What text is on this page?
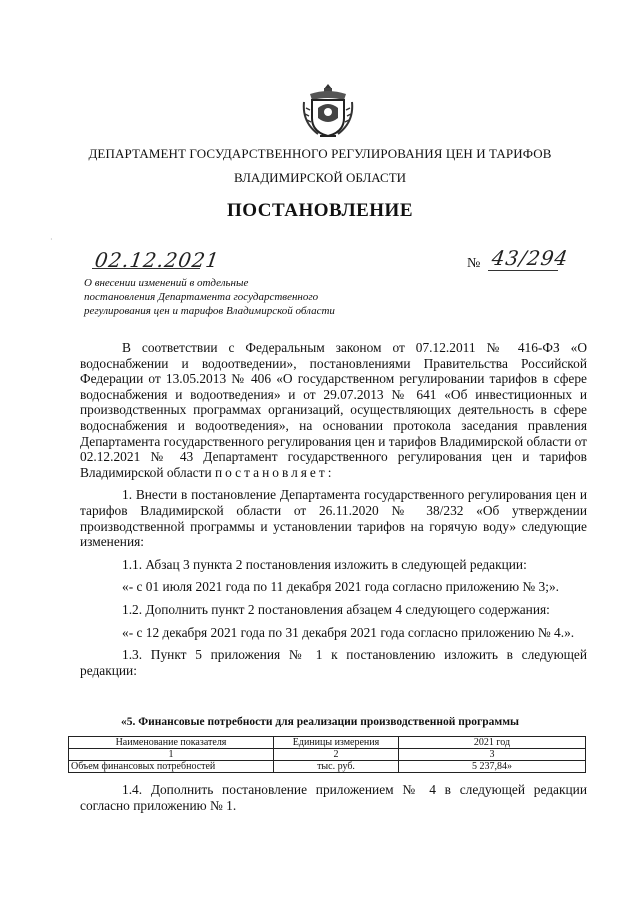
·
ДЕПАРТАМЕНТ ГОСУДАРСТВЕННОГО РЕГУЛИРОВАНИЯ ЦЕН И ТАРИФОВ
ВЛАДИМИРСКОЙ ОБЛАСТИ
ПОСТАНОВЛЕНИЕ
02.12.2021	№ 43/294
О внесении изменений в отдельные
постановления Департамента государственного
регулирования цен и тарифов Владимирской области

В соответствии с Федеральным законом от 07.12.2011 № 416-ФЗ «О водоснабжении и водоотведении», постановлениями Правительства Российской Федерации от 13.05.2013 № 406 «О государственном регулировании тарифов в сфере водоснабжения и водоотведения» и от 29.07.2013 № 641 «Об инвестиционных и производственных программах организаций, осуществляющих деятельность в сфере водоснабжения и водоотведения», на основании протокола заседания правления Департамента государственного регулирования цен и тарифов Владимирской области от 02.12.2021 № 43 Департамент государственного регулирования цен и тарифов Владимирской области постановляет:

1. Внести в постановление Департамента государственного регулирования цен и тарифов Владимирской области от 26.11.2020 № 38/232 «Об утверждении производственной программы и установлении тарифов на горячую воду» следующие изменения:

1.1. Абзац 3 пункта 2 постановления изложить в следующей редакции:

«- с 01 июля 2021 года по 11 декабря 2021 года согласно приложению № 3;».

1.2. Дополнить пункт 2 постановления абзацем 4 следующего содержания:

«- с 12 декабря 2021 года по 31 декабря 2021 года согласно приложению № 4.».

1.3. Пункт 5 приложения № 1 к постановлению изложить в следующей редакции:

«5. Финансовые потребности для реализации производственной программы
Наименование показателя	Единицы измерения	2021 год
1	2	3
Объем финансовых потребностей	тыс. руб.	5 237,84»

1.4. Дополнить постановление приложением № 4 в следующей редакции согласно приложению № 1.
